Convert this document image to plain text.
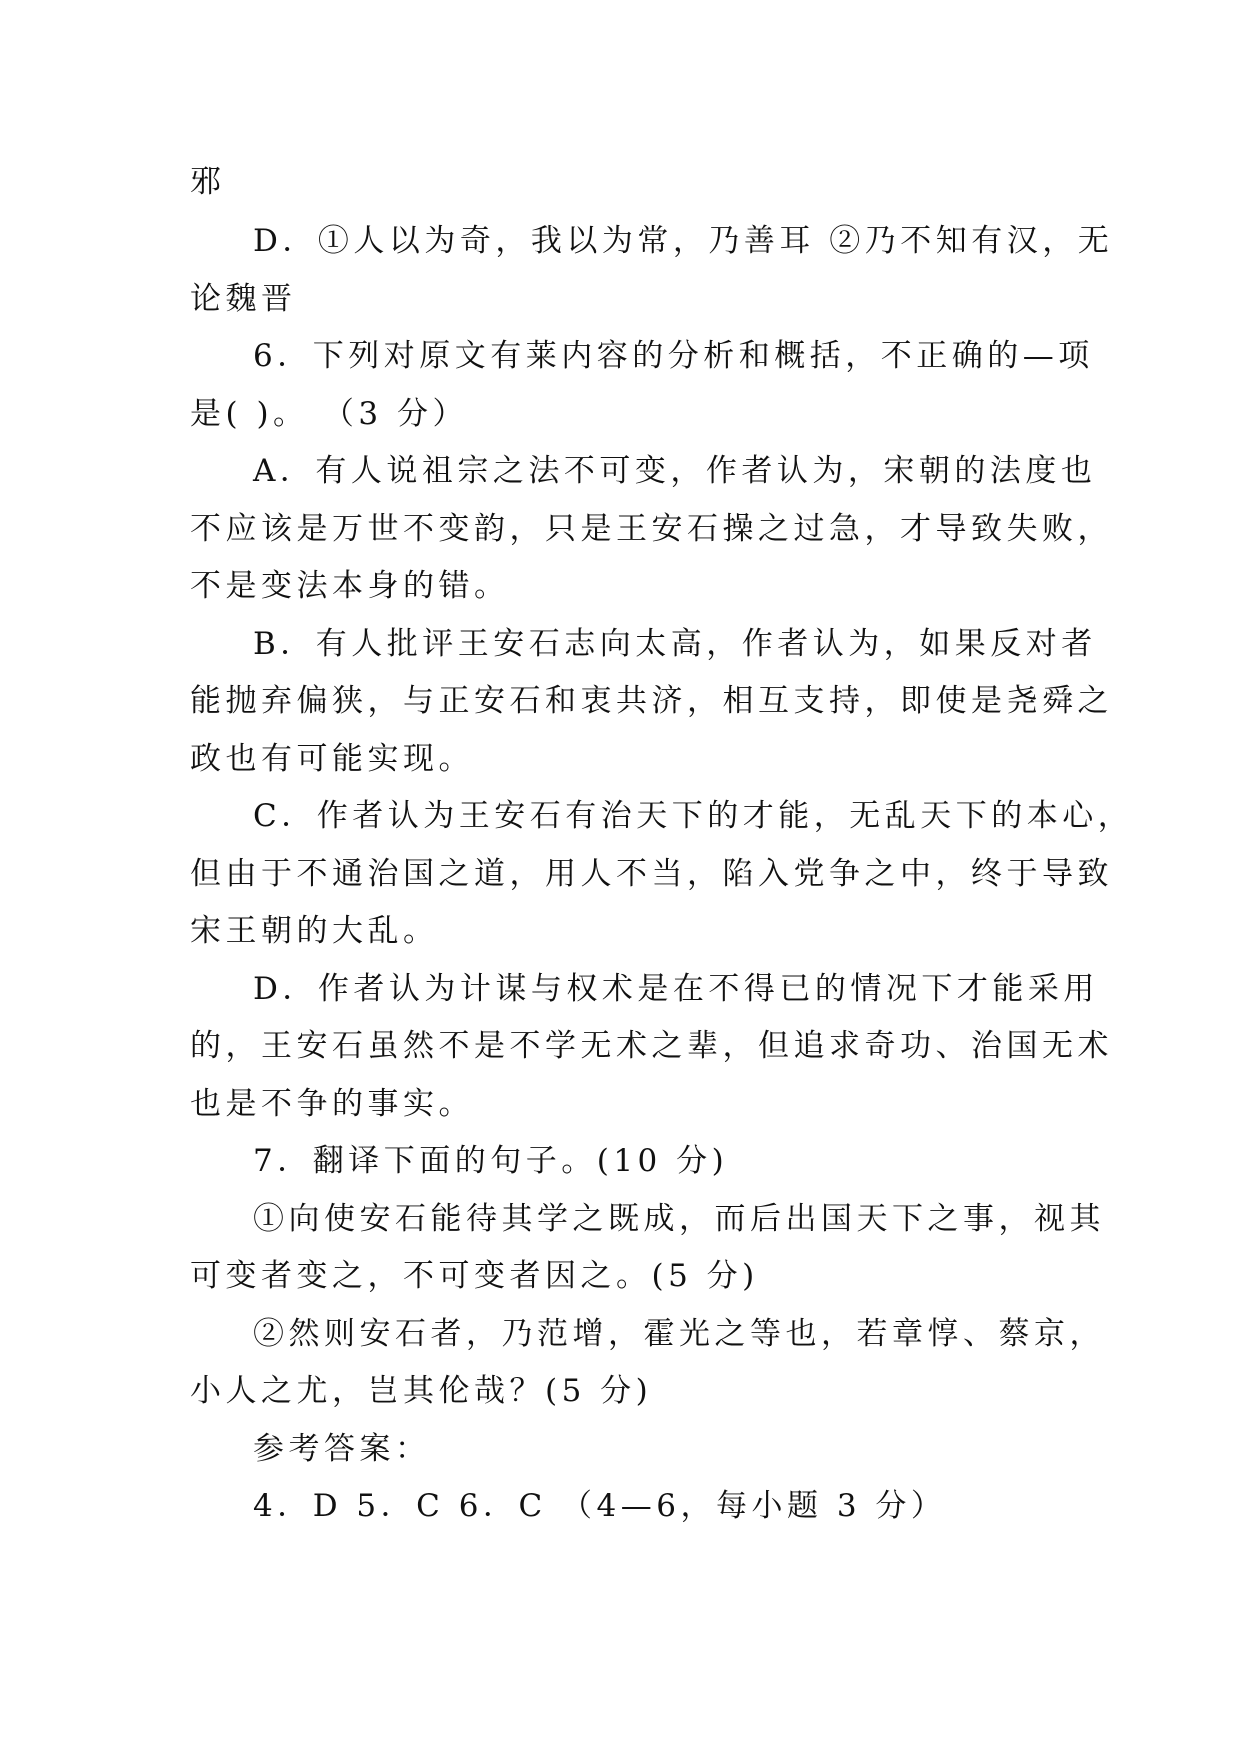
邪
D．①人以为奇，我以为常，乃善耳 ②乃不知有汉，无
论魏晋
6．下列对原文有莱内容的分析和概括，不正确的—项
是( )。 （3 分）
A．有人说祖宗之法不可变，作者认为，宋朝的法度也
不应该是万世不变韵，只是王安石操之过急，才导致失败，
不是变法本身的错。
B．有人批评王安石志向太高，作者认为，如果反对者
能抛弃偏狭，与正安石和衷共济，相互支持，即使是尧舜之
政也有可能实现。
C．作者认为王安石有治天下的才能，无乱天下的本心，
但由于不通治国之道，用人不当，陷入党争之中，终于导致
宋王朝的大乱。
D．作者认为计谋与权术是在不得已的情况下才能采用
的，王安石虽然不是不学无术之辈，但追求奇功、治国无术
也是不争的事实。
7．翻译下面的句子。(10 分)
①向使安石能待其学之既成，而后出国天下之事，视其
可变者变之，不可变者因之。(5 分)
②然则安石者，乃范增，霍光之等也，若章惇、蔡京，
小人之尤，岂其伦哉？(5 分)
参考答案：
4．D 5．C 6．C （4—6，每小题 3 分）
